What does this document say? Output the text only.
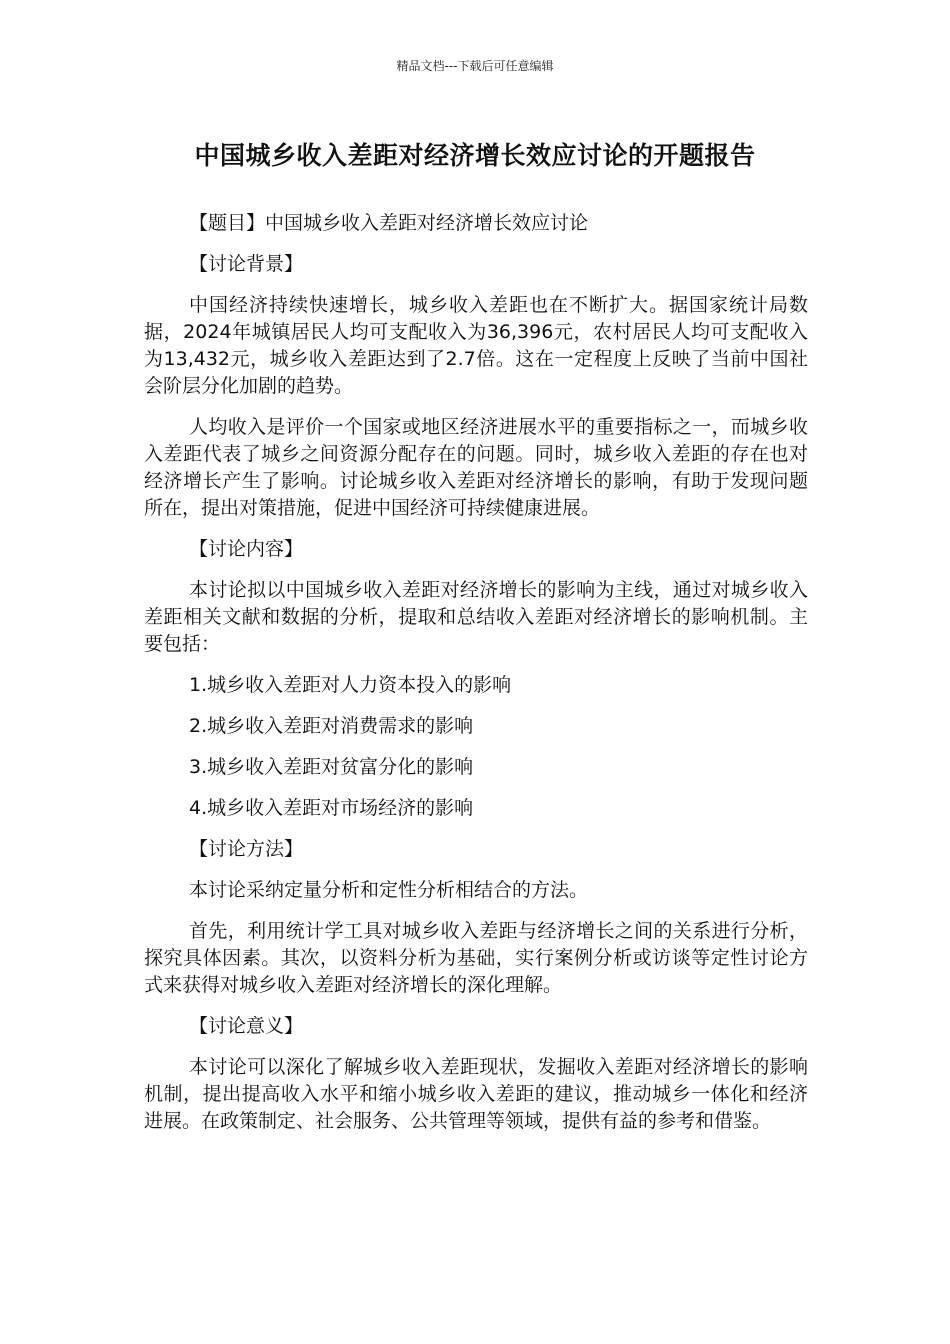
精品文档---下载后可任意编辑
中国城乡收入差距对经济增长效应讨论的开题报告

【题目】中国城乡收入差距对经济增长效应讨论

【讨论背景】

中国经济持续快速增长，城乡收入差距也在不断扩大。据国家统计局数据，2024年城镇居民人均可支配收入为36,396元，农村居民人均可支配收入为13,432元，城乡收入差距达到了2.7倍。这在一定程度上反映了当前中国社会阶层分化加剧的趋势。

人均收入是评价一个国家或地区经济进展水平的重要指标之一，而城乡收入差距代表了城乡之间资源分配存在的问题。同时，城乡收入差距的存在也对经济增长产生了影响。讨论城乡收入差距对经济增长的影响，有助于发现问题所在，提出对策措施，促进中国经济可持续健康进展。

【讨论内容】

本讨论拟以中国城乡收入差距对经济增长的影响为主线，通过对城乡收入差距相关文献和数据的分析，提取和总结收入差距对经济增长的影响机制。主要包括：

1.城乡收入差距对人力资本投入的影响

2.城乡收入差距对消费需求的影响

3.城乡收入差距对贫富分化的影响

4.城乡收入差距对市场经济的影响

【讨论方法】

本讨论采纳定量分析和定性分析相结合的方法。

首先，利用统计学工具对城乡收入差距与经济增长之间的关系进行分析，探究具体因素。其次，以资料分析为基础，实行案例分析或访谈等定性讨论方式来获得对城乡收入差距对经济增长的深化理解。

【讨论意义】

本讨论可以深化了解城乡收入差距现状，发掘收入差距对经济增长的影响机制，提出提高收入水平和缩小城乡收入差距的建议，推动城乡一体化和经济进展。在政策制定、社会服务、公共管理等领域，提供有益的参考和借鉴。
